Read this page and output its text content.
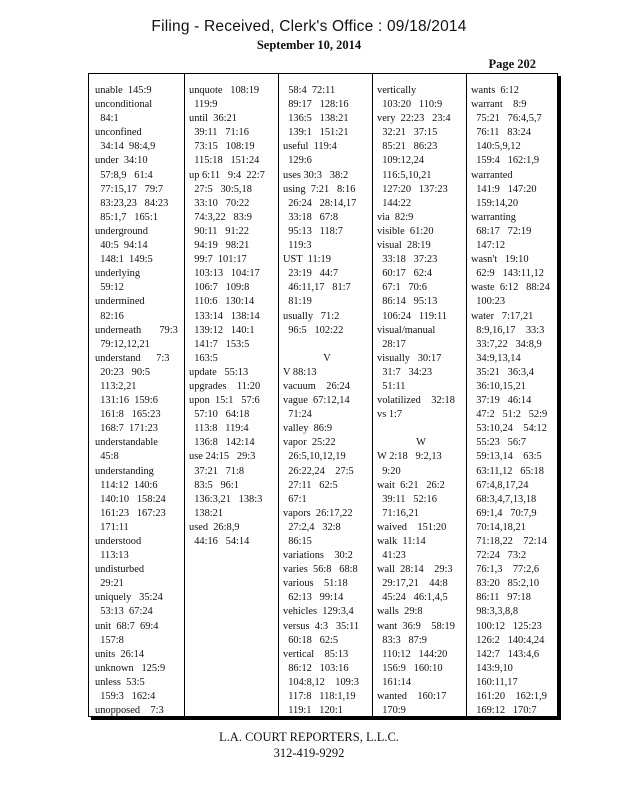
Filing - Received, Clerk's Office : 09/18/2014
September 10, 2014
Page 202
unable  145:9
unconditional
84:1
unconfined
34:14  98:4,9
under  34:10
57:8,9   61:4
77:15,17   79:7
83:23,23   84:23
85:1,7   165:1
underground
40:5  94:14
148:1  149:5
underlying
59:12
undermined
82:16
underneath       79:3
79:12,12,21
understand      7:3
20:23   90:5
113:2,21
131:16  159:6
161:8   165:23
168:7  171:23
understandable
45:8
understanding
114:12  140:6
140:10   158:24
161:23   167:23
171:11
understood
113:13
undisturbed
29:21
uniquely   35:24
53:13  67:24
unit  68:7  69:4
157:8
units  26:14
unknown   125:9
unless  53:5
159:3   162:4
unopposed    7:3
unquote   108:19
119:9
until  36:21
39:11   71:16
73:15   108:19
115:18   151:24
up 6:11   9:4  22:7
27:5   30:5,18
33:10   70:22
74:3,22   83:9
90:11   91:22
94:19   98:21
99:7  101:17
103:13   104:17
106:7   109:8
110:6   130:14
133:14   138:14
139:12   140:1
141:7   153:5
163:5
update   55:13
upgrades    11:20
upon  15:1   57:6
57:10   64:18
113:8   119:4
136:8   142:14
use 24:15   29:3
37:21   71:8
83:5   96:1
136:3,21   138:3
138:21
used  26:8,9
44:16   54:14
58:4  72:11
89:17   128:16
136:5   138:21
139:1   151:21
useful  119:4
129:6
uses 30:3   38:2
using  7:21   8:16
26:24   28:14,17
33:18   67:8
95:13   118:7
119:3
UST  11:19
23:19   44:7
46:11,17   81:7
81:19
usually   71:2
96:5   102:22
V
V 88:13
vacuum    26:24
vague  67:12,14
71:24
valley  86:9
vapor  25:22
26:5,10,12,19
26:22,24    27:5
27:11   62:5
67:1
vapors  26:17,22
27:2,4   32:8
86:15
variations    30:2
varies  56:8   68:8
various    51:18
62:13   99:14
vehicles  129:3,4
versus  4:3   35:11
60:18   62:5
vertical    85:13
86:12   103:16
104:8,12    109:3
117:8   118:1,19
119:1   120:1
vertically
103:20   110:9
very  22:23   23:4
32:21   37:15
85:21   86:23
109:12,24
116:5,10,21
127:20   137:23
144:22
via  82:9
visible  61:20
visual  28:19
33:18   37:23
60:17   62:4
67:1   70:6
86:14   95:13
106:24   119:11
visual/manual
28:17
visually   30:17
31:7   34:23
51:11
volatilized    32:18
vs 1:7
W
W 2:18   9:2,13
9:20
wait  6:21   26:2
39:11   52:16
71:16,21
waived    151:20
walk  11:14
41:23
wall  28:14    29:3
29:17,21    44:8
45:24   46:1,4,5
walls  29:8
want  36:9    58:19
83:3   87:9
110:12   144:20
156:9   160:10
161:14
wanted    160:17
170:9
wants  6:12
warrant    8:9
75:21   76:4,5,7
76:11   83:24
140:5,9,12
159:4   162:1,9
warranted
141:9   147:20
159:14,20
warranting
68:17   72:19
147:12
wasn't   19:10
62:9   143:11,12
waste  6:12   88:24
100:23
water   7:17,21
8:9,16,17    33:3
33:7,22   34:8,9
34:9,13,14
35:21   36:3,4
36:10,15,21
37:19   46:14
47:2   51:2   52:9
53:10,24    54:12
55:23   56:7
59:13,14    63:5
63:11,12   65:18
67:4,8,17,24
68:3,4,7,13,18
69:1,4   70:7,9
70:14,18,21
71:18,22    72:14
72:24   73:2
76:1,3    77:2,6
83:20   85:2,10
86:11   97:18
98:3,3,8,8
100:12   125:23
126:2   140:4,24
142:7   143:4,6
143:9,10
160:11,17
161:20    162:1,9
169:12   170:7
L.A. COURT REPORTERS, L.L.C.
312-419-9292
